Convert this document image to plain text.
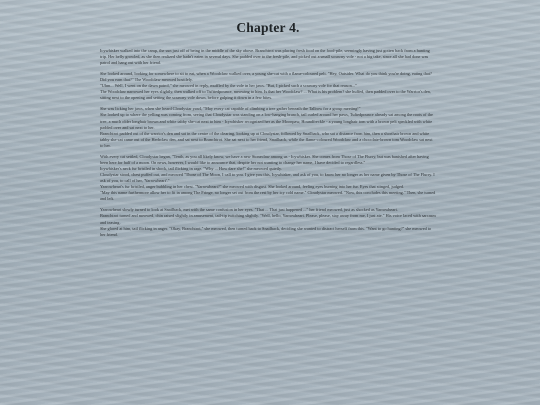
Chapter 4.

Icywhisker walked into the camp, the sun just off of being in the middle of the sky above. Branchtrot was placing fresh food on the food-pile, seemingly having just gotten back from a hunting trip. Her belly growled, as she then realized she hadn't eaten in several days. She padded over to the fresh-pile, and picked out a small scrawny vole - not a big take, since all she had done was patrol and hang out with her friend.

She looked around, looking for somewhere to sit to eat, when a Woodclaw walked over, a young she-cat with a flame-coloured pelt. "Hey, Outsider. What do you think you're doing, eating that? Did you earn that?" The Woodclaw meowed hostilely.

"Uhm... Well, I went on the dawn patrol," she meowed in reply, muffled by the vole in her jaws. "But, I picked such a scrawny vole for that reason..."

The Woodclaw narrowed her eyes slightly, then walked off to Tufttedpounce, meowing to him. Is that her Woodclaw? ... What is his problem? she huffed, then padded over to the Warrior's den, sitting next to the opening and setting the scrawny vole down, before gulping it down in a few bites.

She was licking her jaws, when she heard Cloudystar yowl, "May every cat capable of climbing a tree gather beneath the Tallrow for a group meeting!"

She looked up to where the yelling was coming from, seeing that Cloudystar was standing on a low-hanging branch, tail curled around her paws, Tuftedpounce already sat among the roots of the tree, a much older longhair brown and white tabby she-cat next to him - Icywhisker recognized her as the Moonpaw, Houndfreckle - a young longhair tom with a brown pelt speckled with white padded over and sat next to her.

Branchtrot padded out of the warrior's den and sat in the centre of the clearing, looking up at Cloudystar, followed by Snailback, who sat a distance from him, then a shorthair brown and white tabby she-cat came out of the Herbclaw den, and sat next to Branchtrot. She sat next to her friend, Snailback, while the flame-coloured Woodclaw and a chocolate-brown tom Woodclaw sat next to her.

With every cat settled, Cloudystar began, "Tenth, as you all likely know, we have a new Stoneclaw among us - Icywhisker. She comes from Those of The Flurry, but was banished after having been here for half of a moon. On news, however, I would like to announce that, despite her not wanting to change her name, I have decided to regardless."

Icywhisker's neck fur bristled in shock, tail flicking in rage. "Why ... How dare she!" she meowed quietly.

Cloudystar stood, chest puffed out, and meowed "Those of The Moon, I call to you. I give you this, Icywhisker, and ask of you, to know her no longer as her name given by Those of The Flurry. I ask of you, to call of her, 'Yarrowheart'."

Yarrowheart's fur bristled, anger bubbling in her chest. "Yarrowheart?" she meowed with disgust. She looked around, feeling eyes burning into her fur. Eyes that stinged, judged.

"May this name furthermore allow her to fit in among The Fringe, no longer set out from the rest by her icy cold name." Cloudystar meowed. "Now, this concludes this meeting." Then, she turned and left.

Yarrowheart slowly turned to look at Snailback, met with the same confusion in her eyes. "That ... That just happened ..." her friend meowed, just as shocked as Yarrowheart.

Branchtrot turned and meowed, chin raised slightly in amusement, tail-tip twitching slightly. "Well, hello, Yarrowheart. Please, please, stay away from me, I just ate." His voice laced with sarcasm and teasing.

She glared at him, tail flicking in anger. "Okay, Branchtrot," she meowed, then turned back to Snailback, deciding she wanted to distract herself from this. "Want to go hunting?" she meowed to her friend.
